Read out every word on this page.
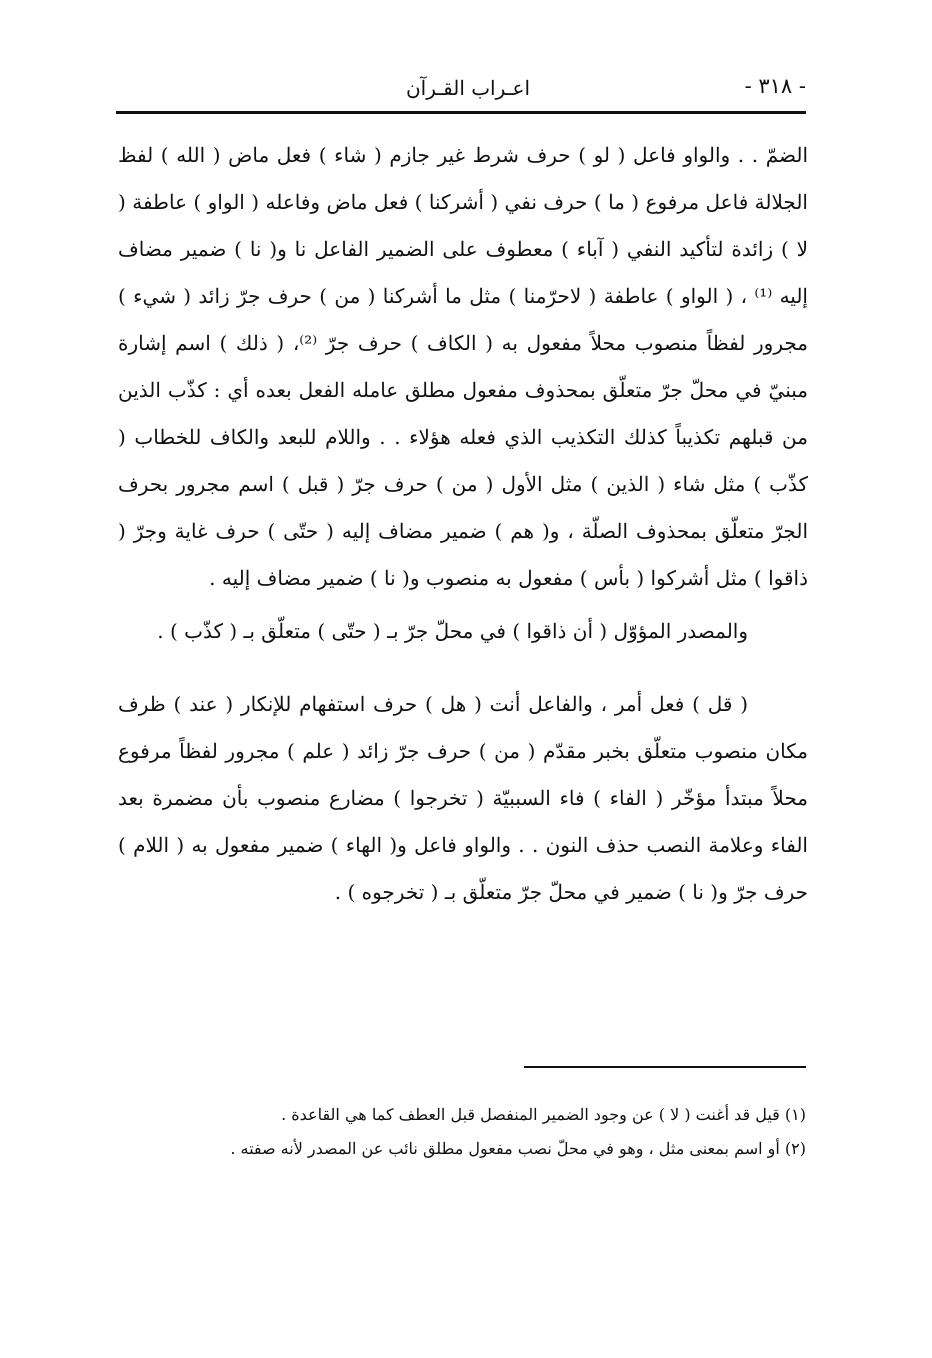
- ٣١٨ -
اعـراب القـرآن

الضمّ . . والواو فاعل ( لو ) حرف شرط غير جازم ( شاء ) فعل ماض ( الله ) لفظ الجلالة فاعل مرفوع ( ما ) حرف نفي ( أشركنا ) فعل ماض وفاعله ( الواو ) عاطفة ( لا ) زائدة لتأكيد النفي ( آباء ) معطوف على الضمير الفاعل نا و( نا ) ضمير مضاف إليه ⁽¹⁾ ، ( الواو ) عاطفة ( لاحرّمنا ) مثل ما أشركنا ( من ) حرف جرّ زائد ( شيء ) مجرور لفظاً منصوب محلاً مفعول به ( الكاف ) حرف جرّ ⁽²⁾، ( ذلك ) اسم إشارة مبنيّ في محلّ جرّ متعلّق بمحذوف مفعول مطلق عامله الفعل بعده أي : كذّب الذين من قبلهم تكذيباً كذلك التكذيب الذي فعله هؤلاء . . واللام للبعد والكاف للخطاب ( كذّب ) مثل شاء ( الذين ) مثل الأول ( من ) حرف جرّ ( قبل ) اسم مجرور بحرف الجرّ متعلّق بمحذوف الصلّة ، و( هم ) ضمير مضاف إليه ( حتّى ) حرف غاية وجرّ ( ذاقوا ) مثل أشركوا ( بأس ) مفعول به منصوب و( نا ) ضمير مضاف إليه .

والمصدر المؤوّل ( أن ذاقوا ) في محلّ جرّ بـ ( حتّى ) متعلّق بـ ( كذّب ) .

( قل ) فعل أمر ، والفاعل أنت ( هل ) حرف استفهام للإنكار ( عند ) ظرف مكان منصوب متعلّق بخبر مقدّم ( من ) حرف جرّ زائد ( علم ) مجرور لفظاً مرفوع محلاً مبتدأ مؤخّر ( الفاء ) فاء السببيّة ( تخرجوا ) مضارع منصوب بأن مضمرة بعد الفاء وعلامة النصب حذف النون . . والواو فاعل و( الهاء ) ضمير مفعول به ( اللام ) حرف جرّ و( نا ) ضمير في محلّ جرّ متعلّق بـ ( تخرجوه ) .

(١) قيل قد أغنت ( لا ) عن وجود الضمير المنفصل قبل العطف كما هي القاعدة .

(٢) أو اسم بمعنى مثل ، وهو في محلّ نصب مفعول مطلق نائب عن المصدر لأنه صفته .
